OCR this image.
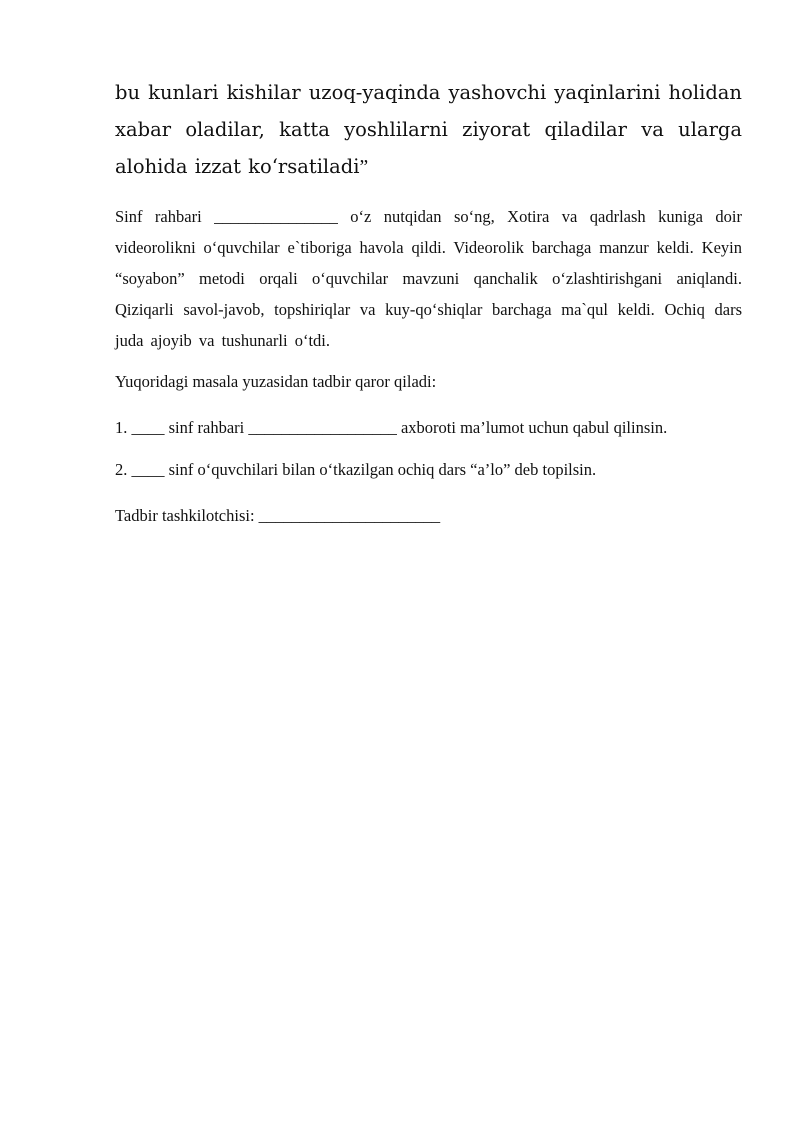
bu kunlari kishilar uzoq-yaqinda yashovchi yaqinlarini holidan xabar oladilar, katta yoshlilarni ziyorat qiladilar va ularga alohida izzat ko‘rsatiladi”

Sinf rahbari _______________ o‘z nutqidan so‘ng, Xotira va qadrlash kuniga doir videorolikni o‘quvchilar e`tiboriga havola qildi. Videorolik barchaga manzur keldi. Keyin “soyabon” metodi orqali o‘quvchilar mavzuni qanchalik o‘zlashtirishgani aniqlandi. Qiziqarli savol-javob, topshiriqlar va kuy-qo‘shiqlar barchaga ma`qul keldi. Ochiq dars juda ajoyib va tushunarli o‘tdi.

Yuqoridagi masala yuzasidan tadbir qaror qiladi:

1. ____ sinf rahbari __________________ axboroti ma’lumot uchun qabul qilinsin.

2. ____ sinf o‘quvchilari bilan o‘tkazilgan ochiq dars “a’lo” deb topilsin.

Tadbir tashkilotchisi: ______________________
